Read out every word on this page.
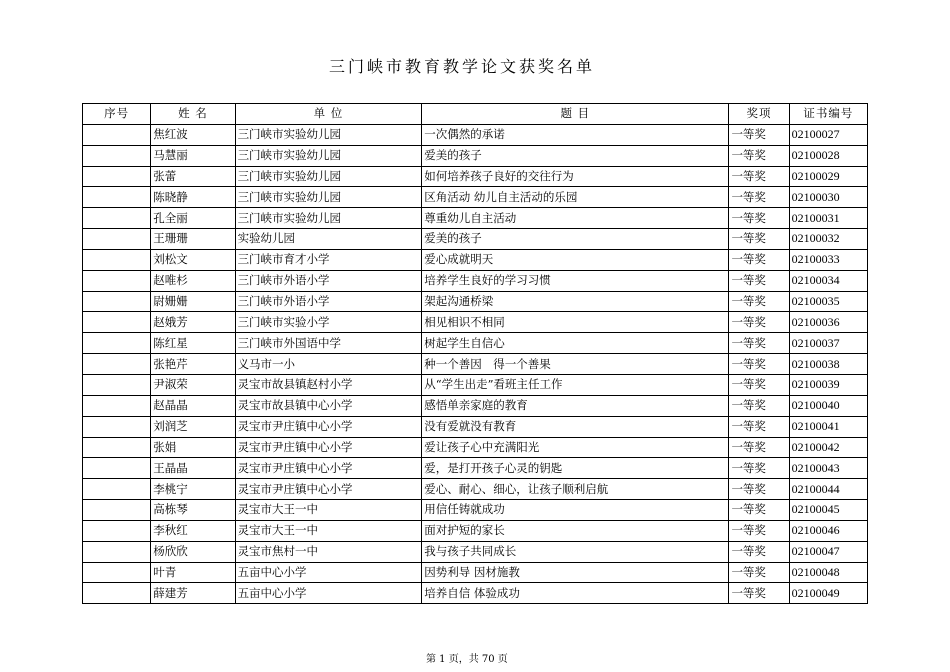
三门峡市教育教学论文获奖名单
序号	姓 名	单 位	题 目	奖项	证书编号
	焦红波	三门峡市实验幼儿园	一次偶然的承诺	一等奖	02100027
	马慧丽	三门峡市实验幼儿园	爱美的孩子	一等奖	02100028
	张蕾	三门峡市实验幼儿园	如何培养孩子良好的交往行为	一等奖	02100029
	陈晓静	三门峡市实验幼儿园	区角活动 幼儿自主活动的乐园	一等奖	02100030
	孔全丽	三门峡市实验幼儿园	尊重幼儿自主活动	一等奖	02100031
	王珊珊	实验幼儿园	爱美的孩子	一等奖	02100032
	刘松文	三门峡市育才小学	爱心成就明天	一等奖	02100033
	赵唯杉	三门峡市外语小学	培养学生良好的学习习惯	一等奖	02100034
	尉姗姗	三门峡市外语小学	架起沟通桥梁	一等奖	02100035
	赵娥芳	三门峡市实验小学	相见相识不相同	一等奖	02100036
	陈红星	三门峡市外国语中学	树起学生自信心	一等奖	02100037
	张艳芹	义马市一小	种一个善因　得一个善果	一等奖	02100038
	尹淑荣	灵宝市故县镇赵村小学	从“学生出走”看班主任工作	一等奖	02100039
	赵晶晶	灵宝市故县镇中心小学	感悟单亲家庭的教育	一等奖	02100040
	刘润芝	灵宝市尹庄镇中心小学	没有爱就没有教育	一等奖	02100041
	张娟	灵宝市尹庄镇中心小学	爱让孩子心中充满阳光	一等奖	02100042
	王晶晶	灵宝市尹庄镇中心小学	爱，是打开孩子心灵的钥匙	一等奖	02100043
	李桃宁	灵宝市尹庄镇中心小学	爱心、耐心、细心，让孩子顺利启航	一等奖	02100044
	高栋琴	灵宝市大王一中	用信任铸就成功	一等奖	02100045
	李秋红	灵宝市大王一中	面对护短的家长	一等奖	02100046
	杨欣欣	灵宝市焦村一中	我与孩子共同成长	一等奖	02100047
	叶青	五亩中心小学	因势利导 因材施教	一等奖	02100048
	薛建芳	五亩中心小学	培养自信 体验成功	一等奖	02100049
第 1 页，共 70 页
